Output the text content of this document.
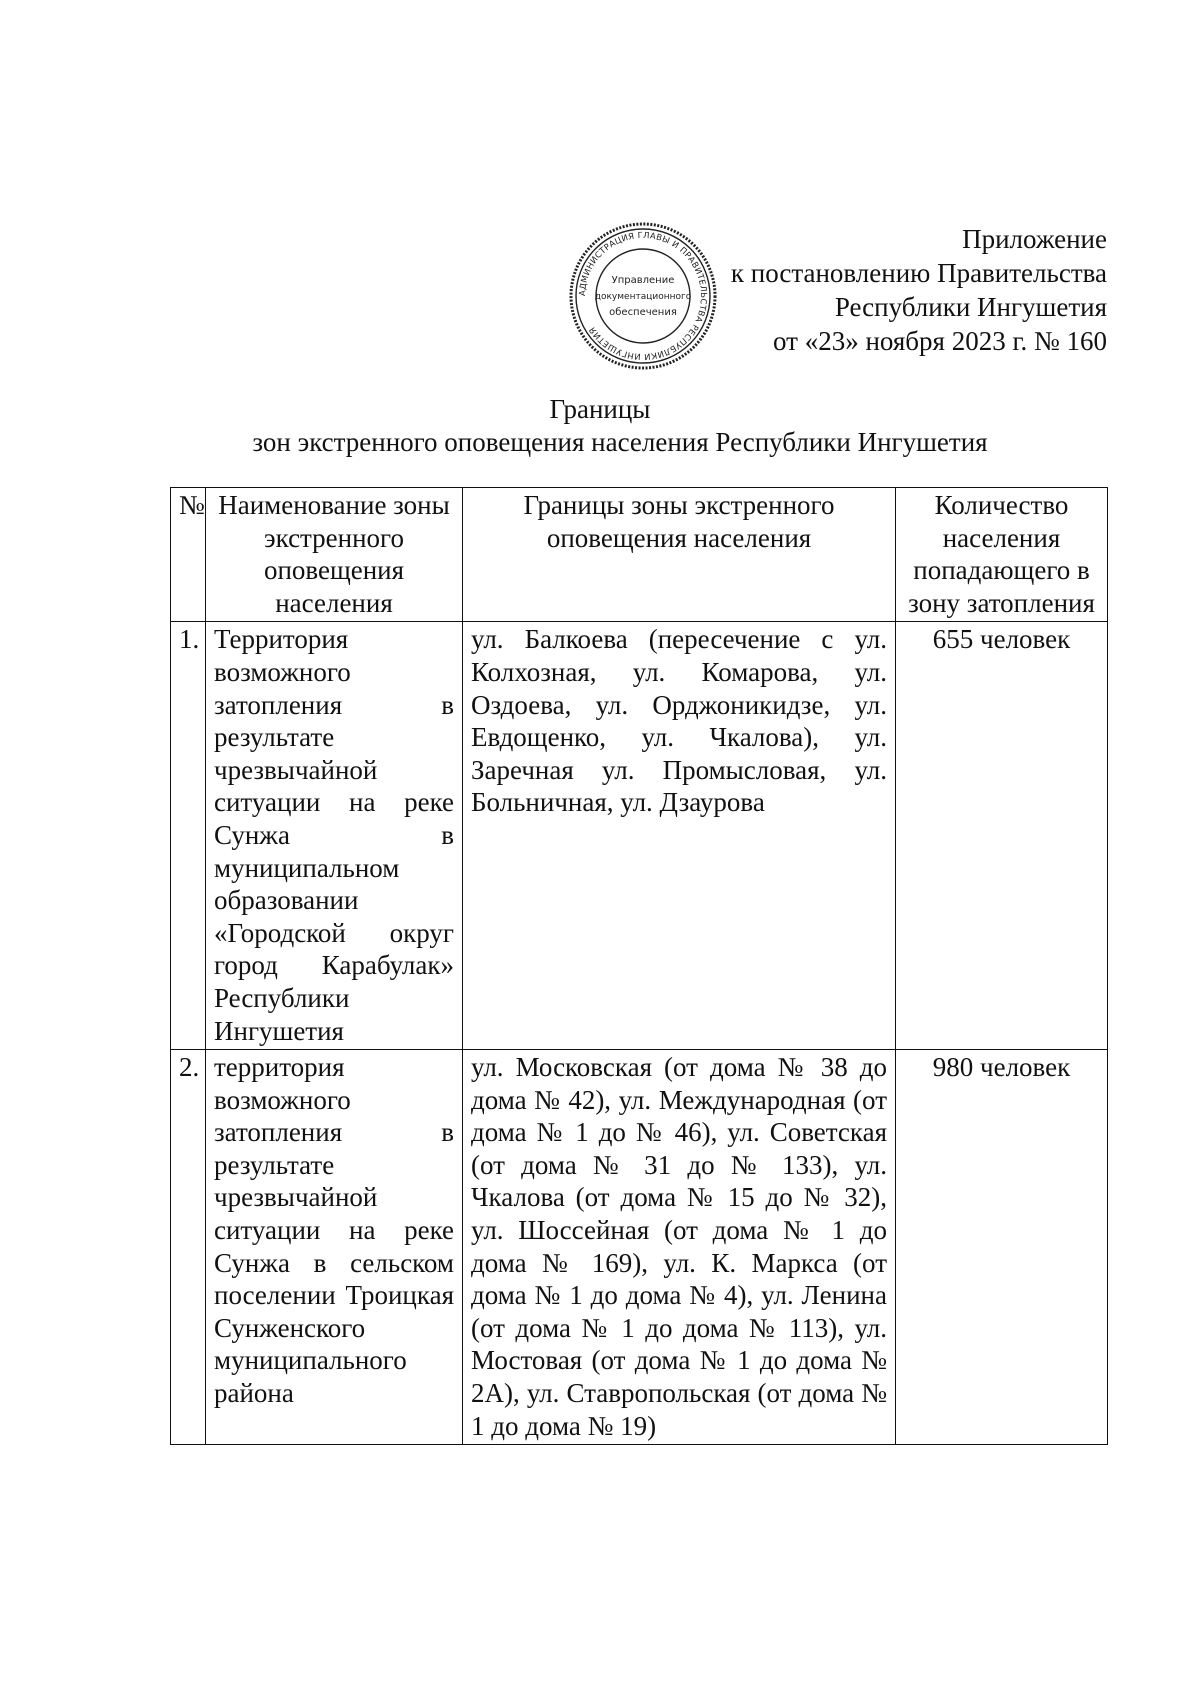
Приложение
к постановлению Правительства
Республики Ингушетия
от «23» ноября 2023 г. № 160
АДМИНИСТРАЦИЯ ГЛАВЫ И ПРАВИТЕЛЬСТВА РЕСПУБЛИКИ ИНГУШЕТИЯ
Управление
документационного
обеспечения
Границы
зон экстренного оповещения населения Республики Ингушетия
№	Наименование зоны экстренного оповещения населения	Границы зоны экстренного оповещения населения	Количество населения попадающего в зону затопления
1.	Территория возможного затопления в результате чрезвычайной ситуации на реке Сунжа в муниципальном образовании «Городской округ город Карабулак» Республики Ингушетия	ул. Балкоева (пересечение с ул. Колхозная, ул. Комарова, ул. Оздоева, ул. Орджоникидзе, ул. Евдощенко, ул. Чкалова), ул. Заречная ул. Промысловая, ул. Больничная, ул. Дзаурова	655 человек
2.	территория возможного затопления в результате чрезвычайной ситуации на реке Сунжа в сельском поселении Троицкая Сунженского муниципального района	ул. Московская (от дома № 38 до дома № 42), ул. Международная (от дома № 1 до № 46), ул. Советская (от дома № 31 до № 133), ул. Чкалова (от дома № 15 до № 32), ул. Шоссейная (от дома № 1 до дома № 169), ул. К. Маркса (от дома № 1 до дома № 4), ул. Ленина (от дома № 1 до дома № 113), ул. Мостовая (от дома № 1 до дома № 2А), ул. Ставропольская (от дома № 1 до дома № 19)	980 человек
